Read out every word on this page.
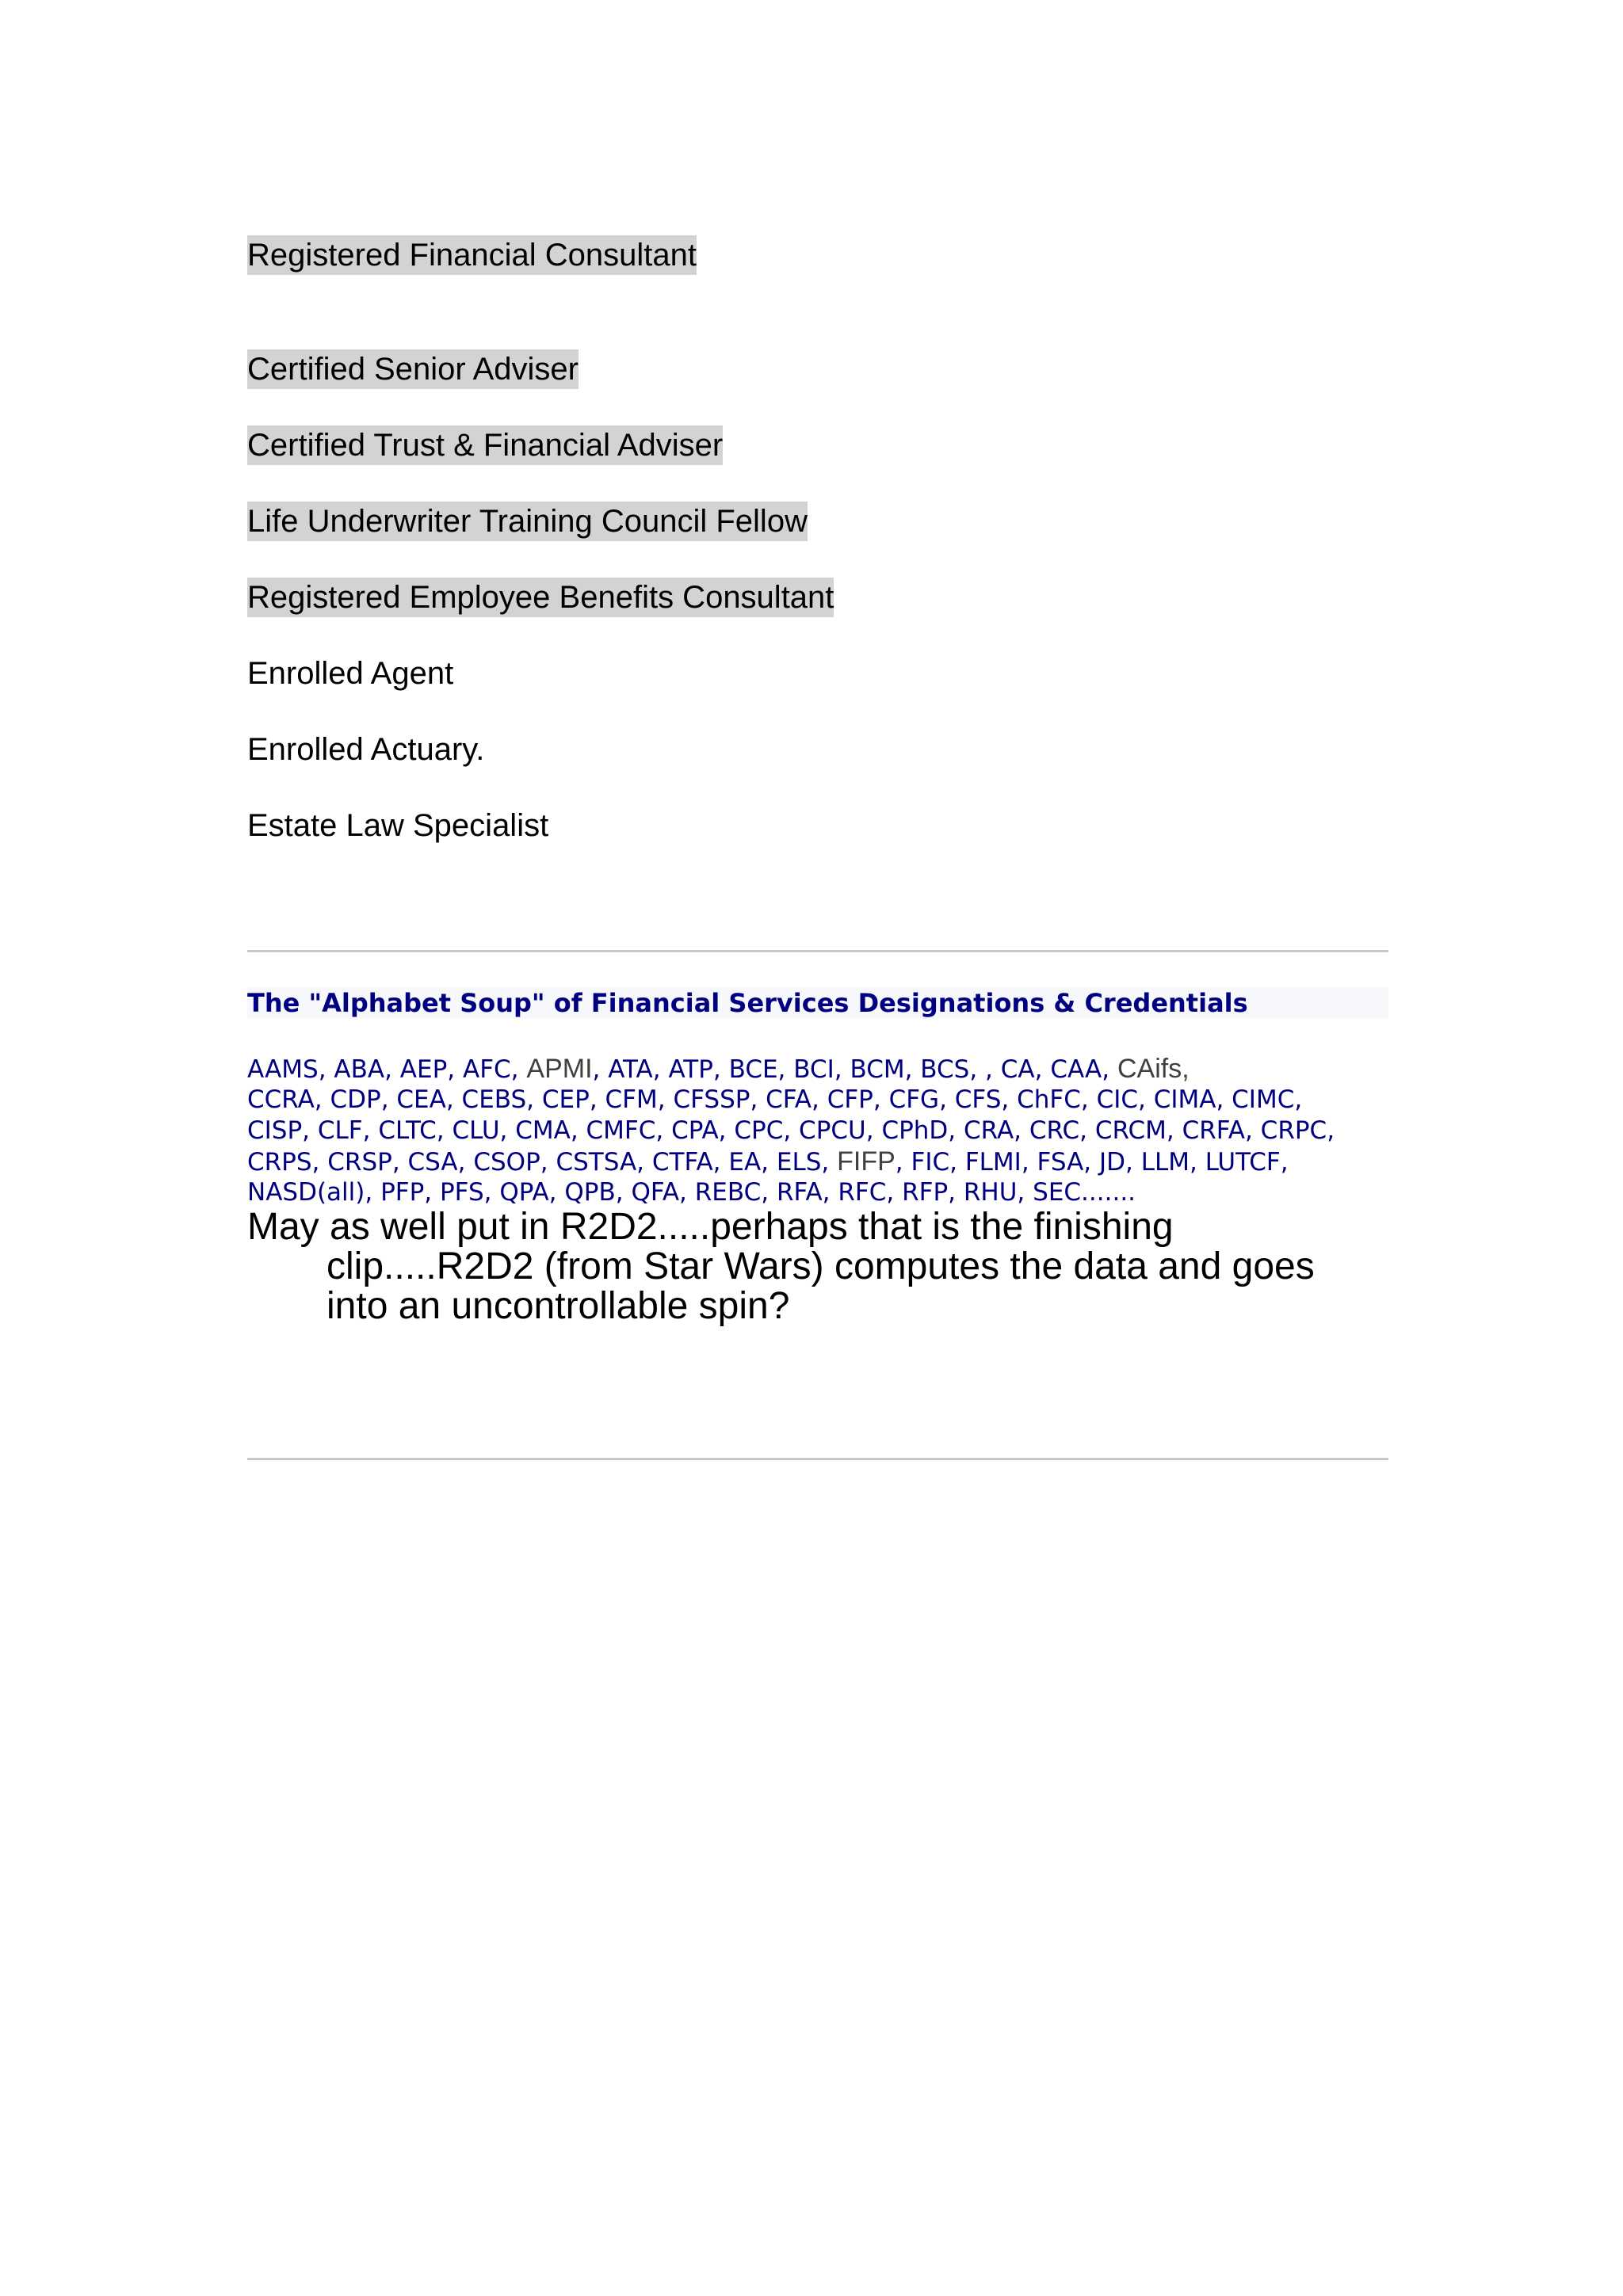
Registered Financial Consultant
Certified Senior Adviser
Certified Trust & Financial Adviser
Life Underwriter Training Council Fellow
Registered Employee Benefits Consultant
Enrolled Agent
Enrolled Actuary.
Estate Law Specialist
The "Alphabet Soup" of Financial Services Designations & Credentials
AAMS, ABA, AEP, AFC, APMI, ATA, ATP, BCE, BCI, BCM, BCS, , CA, CAA, CAifs,
CCRA, CDP, CEA, CEBS, CEP, CFM, CFSSP, CFA, CFP, CFG, CFS, ChFC, CIC, CIMA, CIMC,
CISP, CLF, CLTC, CLU, CMA, CMFC, CPA, CPC, CPCU, CPhD, CRA, CRC, CRCM, CRFA, CRPC,
CRPS, CRSP, CSA, CSOP, CSTSA, CTFA, EA, ELS, FIFP, FIC, FLMI, FSA, JD, LLM, LUTCF,
NASD(all), PFP, PFS, QPA, QPB, QFA, REBC, RFA, RFC, RFP, RHU, SEC.......
May as well put in R2D2.....perhaps that is the finishing
clip.....R2D2 (from Star Wars) computes the data and goes
into an uncontrollable spin?
